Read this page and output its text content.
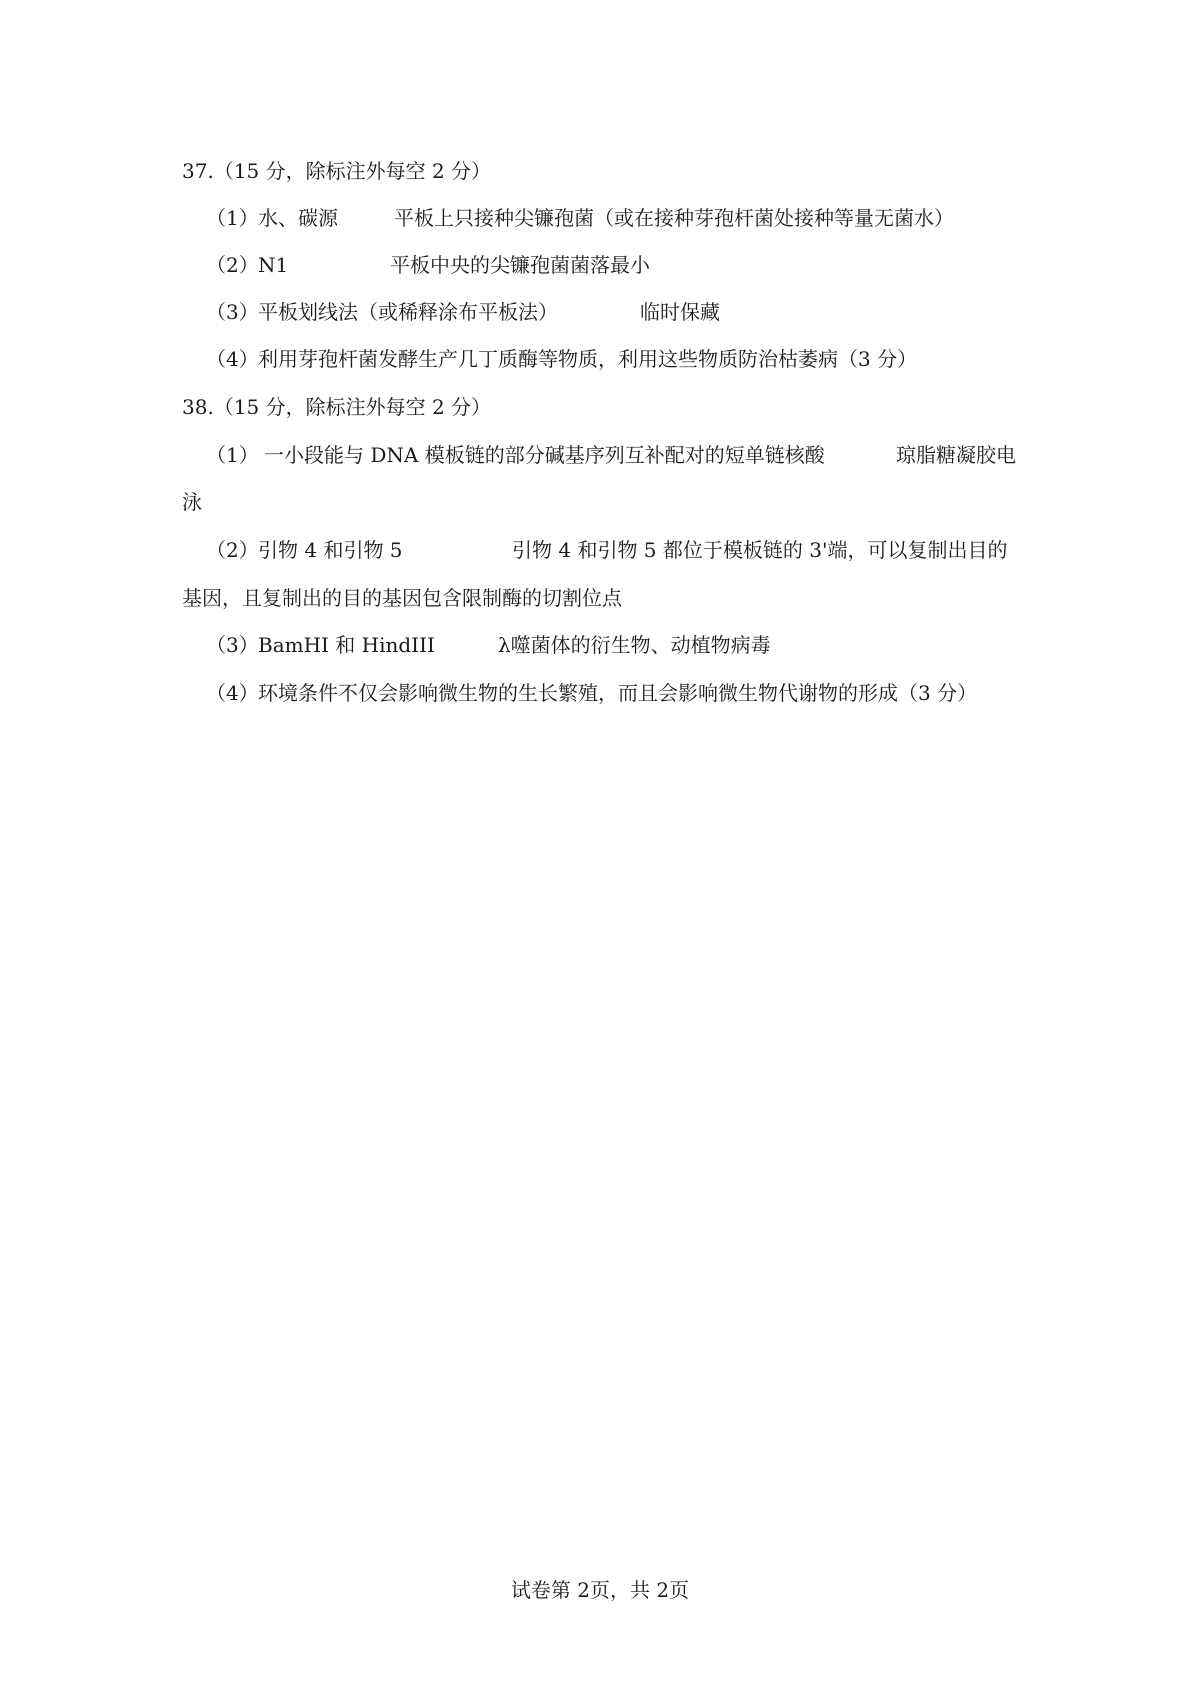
37.（15 分，除标注外每空 2 分）
（1） 水、碳源	平板上只接种尖镰孢菌（或在接种芽孢杆菌处接种等量无菌水）
（2） N1	平板中央的尖镰孢菌菌落最小
（3） 平板划线法（或稀释涂布平板法）	临时保藏
（4） 利用芽孢杆菌发酵生产几丁质酶等物质，利用这些物质防治枯萎病（3 分）
38.（15 分，除标注外每空 2 分）
（1） 一小段能与 DNA 模板链的部分碱基序列互补配对的短单链核酸	琼脂糖凝胶电
泳
（2） 引物 4 和引物 5	引物 4 和引物 5 都位于模板链的 3'端，可以复制出目的
基因，且复制出的目的基因包含限制酶的切割位点
（3） BamHI 和 HindIII	λ噬菌体的衍生物、动植物病毒
（4） 环境条件不仅会影响微生物的生长繁殖，而且会影响微生物代谢物的形成（3 分）
试卷第 2页，共 2页
